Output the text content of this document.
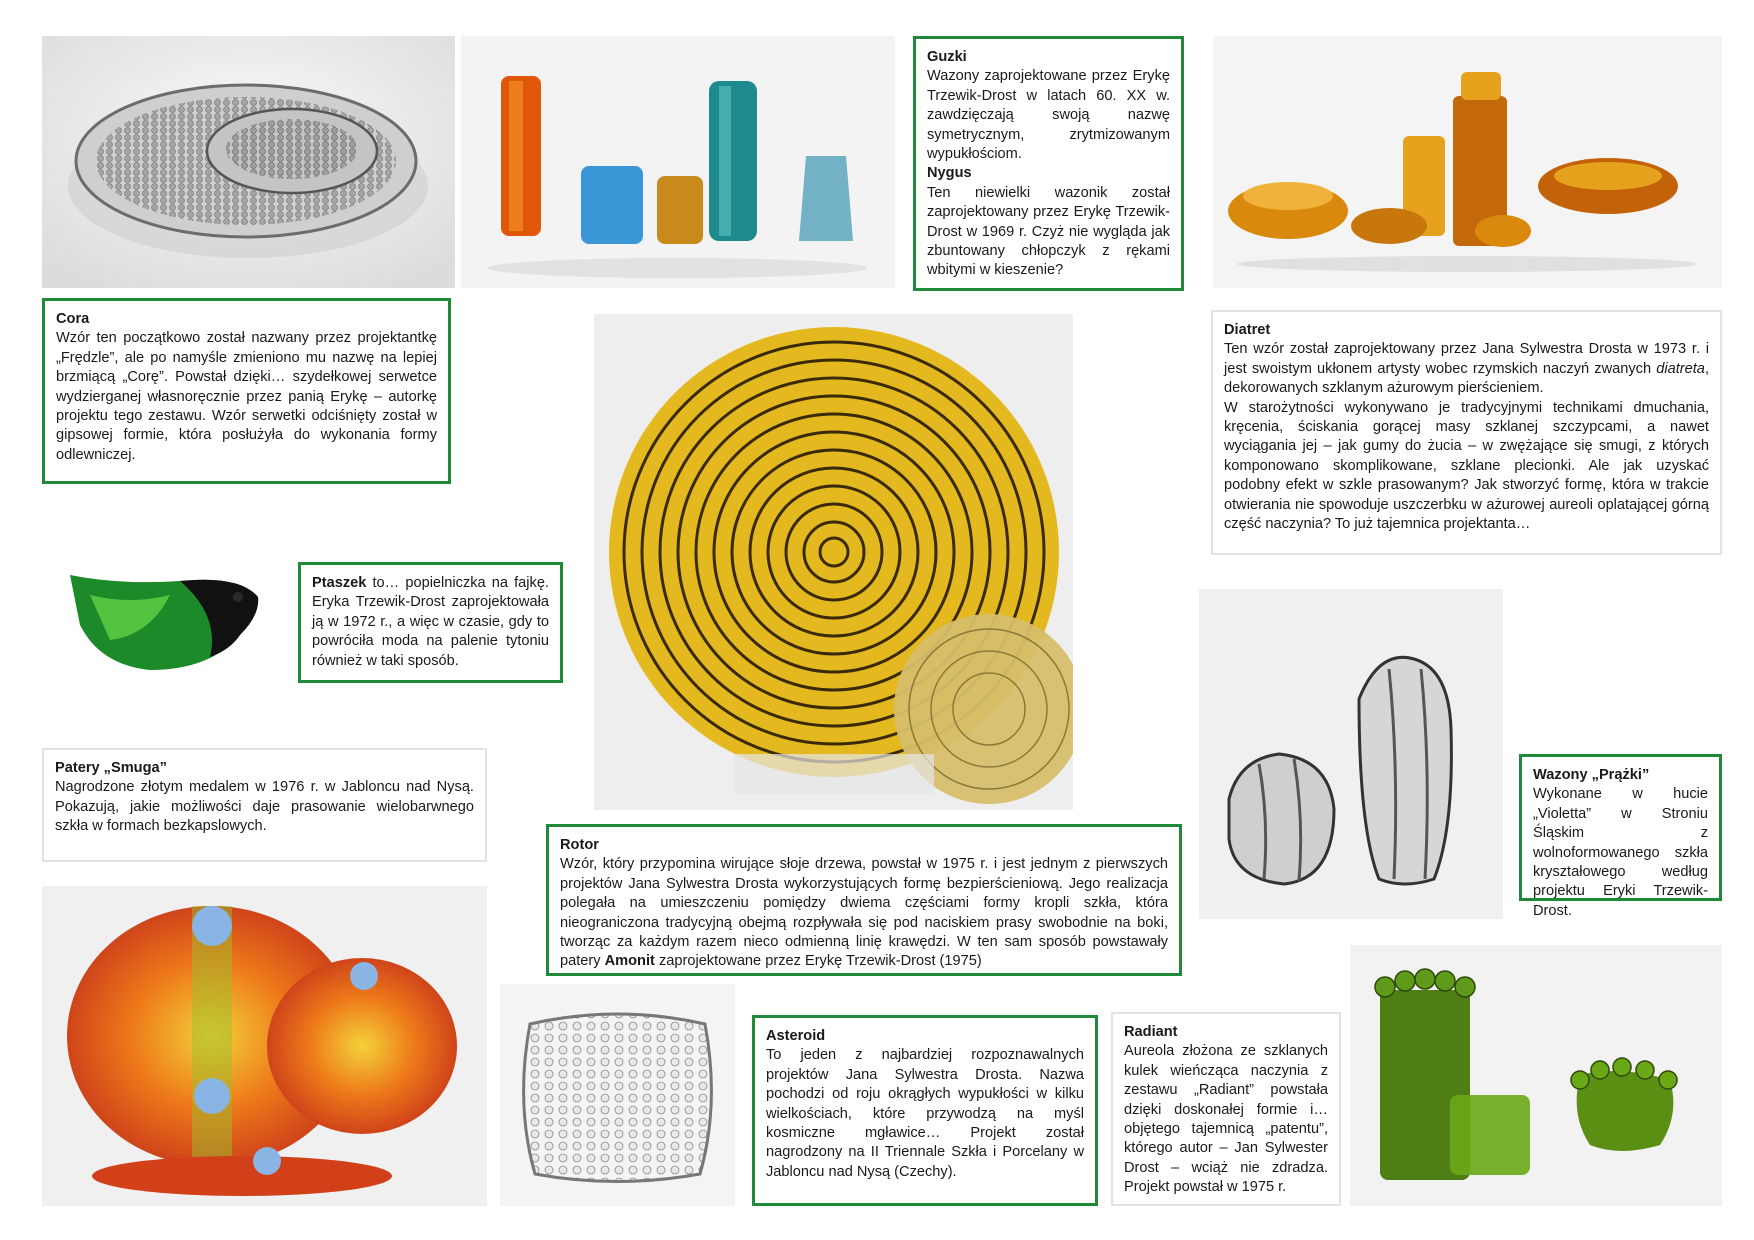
Guzki

Wazony zaprojektowane przez Erykę Trzewik-Drost w latach 60. XX w. zawdzięczają swoją nazwę symetrycznym, zrytmizowanym wypukłościom.

Nygus

Ten niewielki wazonik został zaprojektowany przez Erykę Trzewik-Drost w 1969 r. Czyż nie wygląda jak zbuntowany chłopczyk z rękami wbitymi w kieszenie?

Cora

Wzór ten początkowo został nazwany przez projektantkę „Frędzle”, ale po namyśle zmieniono mu nazwę na lepiej brzmiącą „Corę”. Powstał dzięki… szydełkowej serwetce wydzierganej własnoręcznie przez panią Erykę – autorkę projektu tego zestawu. Wzór serwetki odciśnięty został w gipsowej formie, która posłużyła do wykonania formy odlewniczej.

Diatret

Ten wzór został zaprojektowany przez Jana Sylwestra Drosta w 1973 r. i jest swoistym ukłonem artysty wobec rzymskich naczyń zwanych diatreta, dekorowanych szklanym ażurowym pierścieniem.

W starożytności wykonywano je tradycyjnymi technikami dmuchania, kręcenia, ściskania gorącej masy szklanej szczypcami, a nawet wyciągania jej – jak gumy do żucia – w zwężające się smugi, z których komponowano skomplikowane, szklane plecionki. Ale jak uzyskać podobny efekt w szkle prasowanym? Jak stworzyć formę, która w trakcie otwierania nie spowoduje uszczerbku w ażurowej aureoli oplatającej górną część naczynia? To już tajemnica projektanta…

Ptaszek to… popielniczka na fajkę. Eryka Trzewik-Drost zaprojektowała ją w 1972 r., a więc w czasie, gdy to powróciła moda na palenie tytoniu również w taki sposób.

Patery „Smuga”

Nagrodzone złotym medalem w 1976 r. w Jabloncu nad Nysą. Pokazują, jakie możliwości daje prasowanie wielobarwnego szkła w formach bezkapslowych.

Wazony „Prążki”

Wykonane w hucie „Violetta” w Stroniu Śląskim z wolnoformowanego szkła kryształowego według projektu Eryki Trzewik-Drost.

Rotor

Wzór, który przypomina wirujące słoje drzewa, powstał w 1975 r. i jest jednym z pierwszych projektów Jana Sylwestra Drosta wykorzystujących formę bezpierścieniową. Jego realizacja polegała na umieszczeniu pomiędzy dwiema częściami formy kropli szkła, która nieograniczona tradycyjną obejmą rozpływała się pod naciskiem prasy swobodnie na boki, tworząc za każdym razem nieco odmienną linię krawędzi. W ten sam sposób powstawały patery Amonit zaprojektowane przez Erykę Trzewik-Drost (1975)

Asteroid

To jeden z najbardziej rozpoznawalnych projektów Jana Sylwestra Drosta. Nazwa pochodzi od roju okrągłych wypukłości w kilku wielkościach, które przywodzą na myśl kosmiczne mgławice… Projekt został nagrodzony na II Triennale Szkła i Porcelany w Jabloncu nad Nysą (Czechy).

Radiant

Aureola złożona ze szklanych kulek wieńcząca naczynia z zestawu „Radiant” powstała dzięki doskonałej formie i… objętego tajemnicą „patentu”, którego autor – Jan Sylwester Drost – wciąż nie zdradza. Projekt powstał w 1975 r.
